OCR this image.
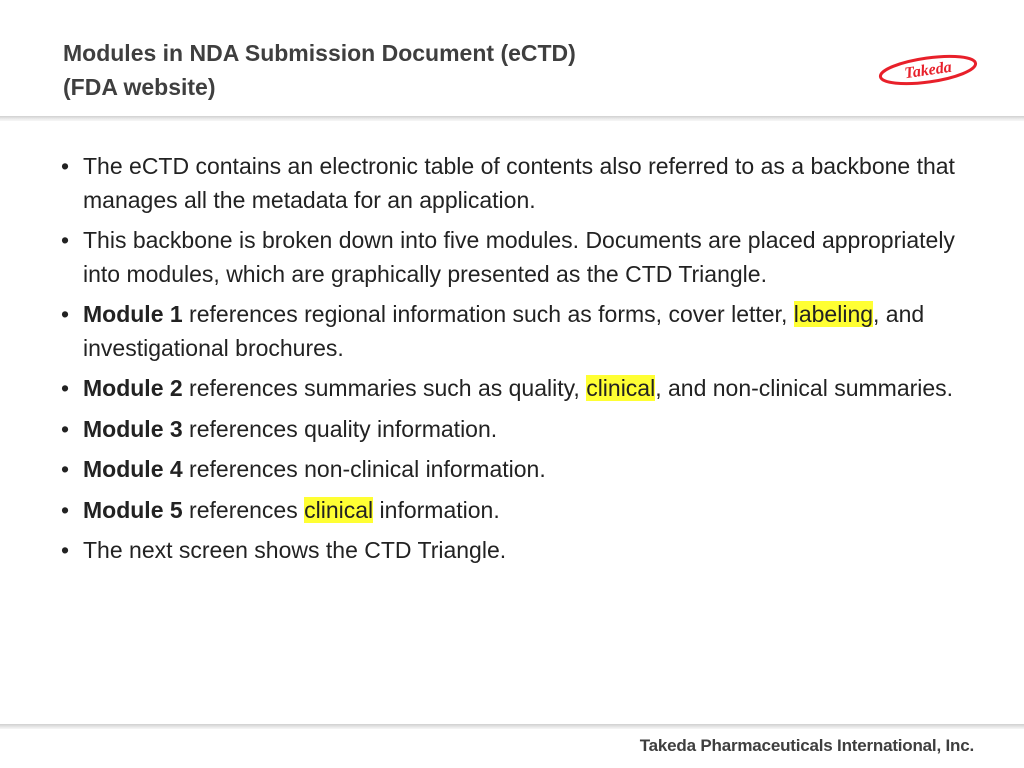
Modules in NDA Submission Document (eCTD)
(FDA website)
Takeda
• The eCTD contains an electronic table of contents also referred to as a backbone that manages all the metadata for an application.
• This backbone is broken down into five modules. Documents are placed appropriately into modules, which are graphically presented as the CTD Triangle.
• Module 1 references regional information such as forms, cover letter, labeling, and investigational brochures.
• Module 2 references summaries such as quality, clinical, and non-clinical summaries.
• Module 3 references quality information.
• Module 4 references non-clinical information.
• Module 5 references clinical information.
• The next screen shows the CTD Triangle.
Takeda Pharmaceuticals International, Inc.
